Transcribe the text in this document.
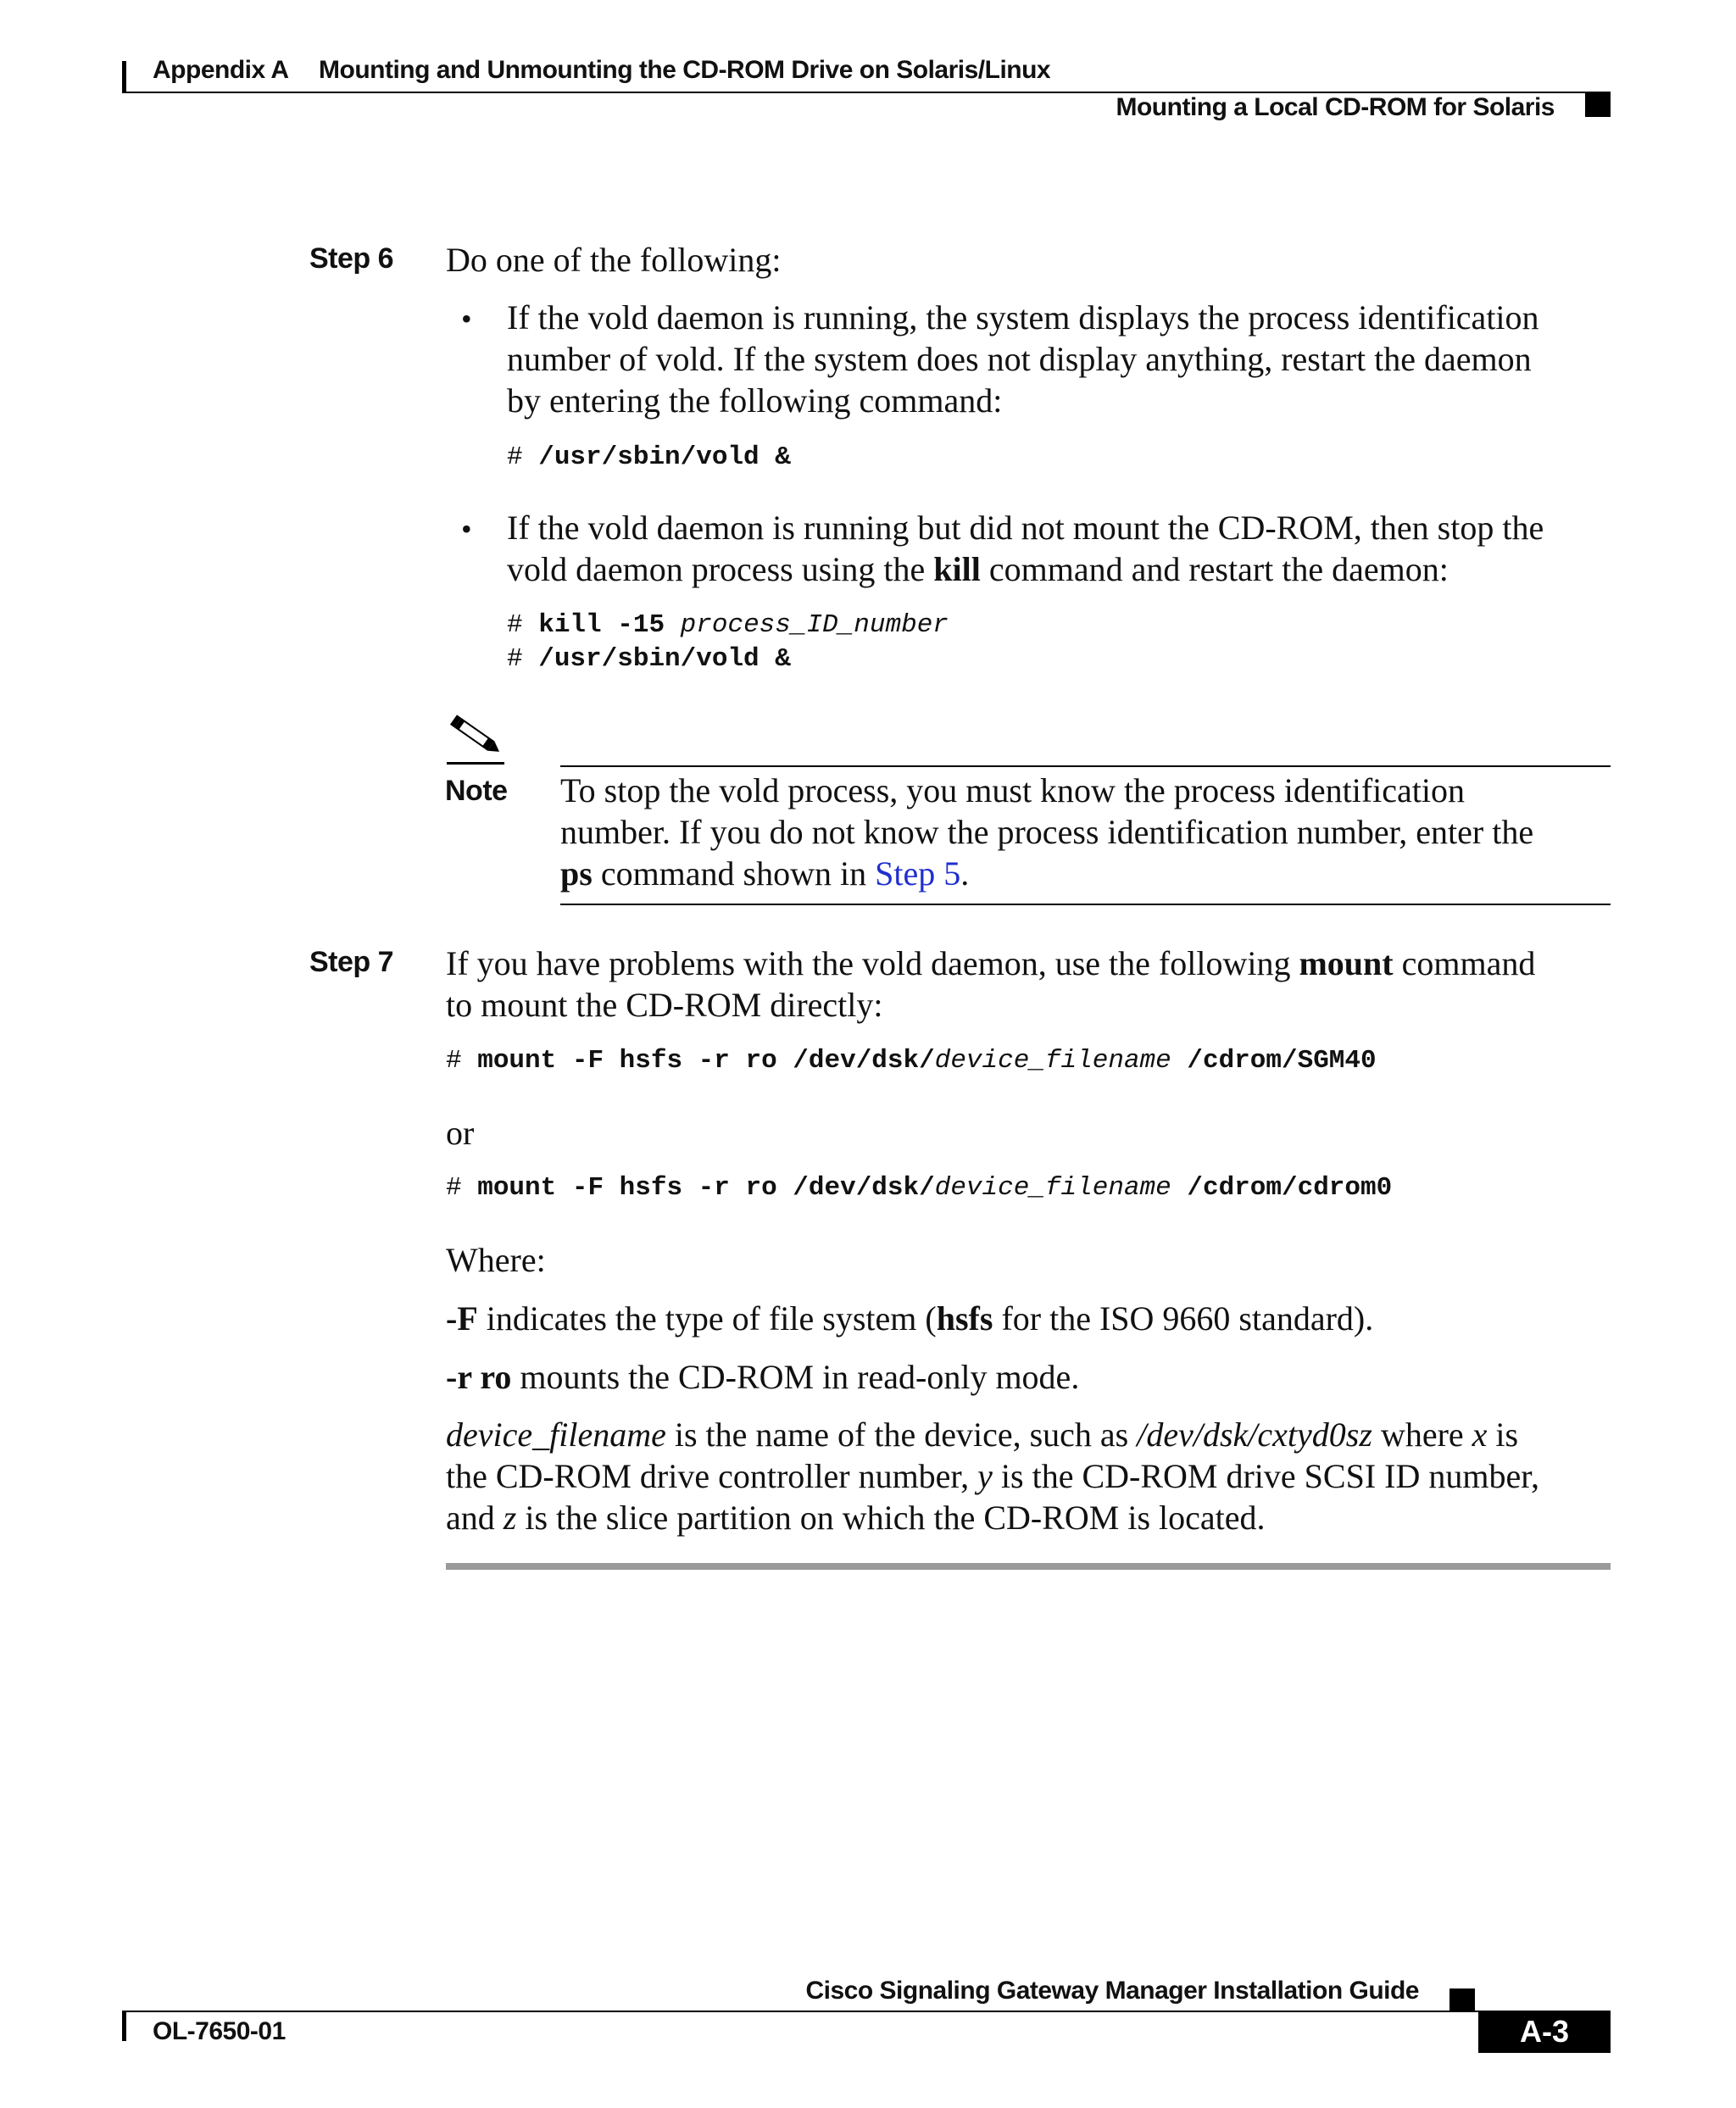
Appendix A Mounting and Unmounting the CD-ROM Drive on Solaris/Linux
Mounting a Local CD-ROM for Solaris
Step 6 Do one of the following:
• If the vold daemon is running, the system displays the process identification
number of vold. If the system does not display anything, restart the daemon
by entering the following command:
# /usr/sbin/vold &
• If the vold daemon is running but did not mount the CD-ROM, then stop the
vold daemon process using the kill command and restart the daemon:
# kill -15 process_ID_number
# /usr/sbin/vold &
Note To stop the vold process, you must know the process identification
number. If you do not know the process identification number, enter the
ps command shown in Step 5.
Step 7 If you have problems with the vold daemon, use the following mount command
to mount the CD-ROM directly:
# mount -F hsfs -r ro /dev/dsk/device_filename /cdrom/SGM40
or
# mount -F hsfs -r ro /dev/dsk/device_filename /cdrom/cdrom0
Where:
-F indicates the type of file system (hsfs for the ISO 9660 standard).
-r ro mounts the CD-ROM in read-only mode.
device_filename is the name of the device, such as /dev/dsk/cxtyd0sz where x is
the CD-ROM drive controller number, y is the CD-ROM drive SCSI ID number,
and z is the slice partition on which the CD-ROM is located.
Cisco Signaling Gateway Manager Installation Guide
OL-7650-01	A-3
